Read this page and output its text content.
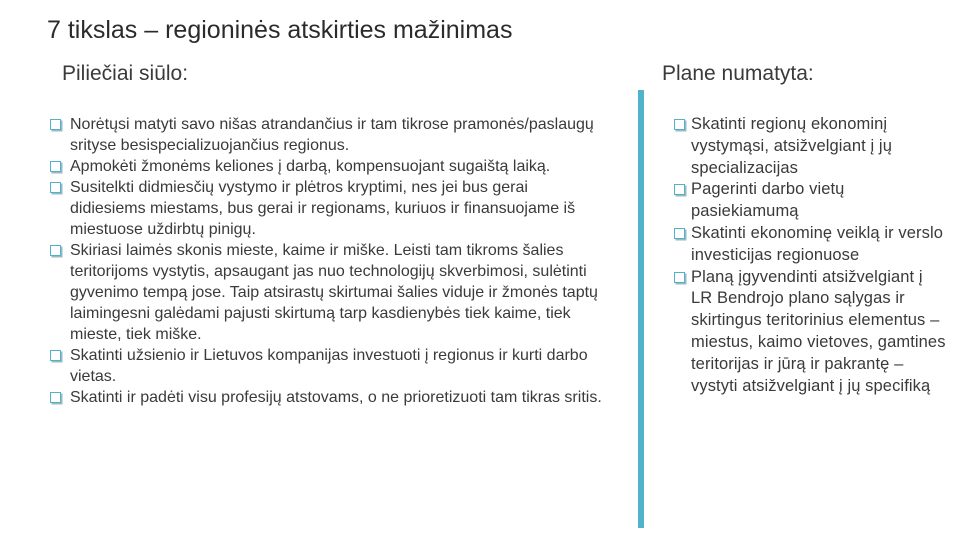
7 tikslas – regioninės atskirties mažinimas
Piliečiai siūlo:	Plane numatyta:
Norėtųsi matyti savo nišas atrandančius ir tam tikrose pramonės/paslaugų srityse besispecializuojančius regionus.
Apmokėti žmonėms keliones į darbą, kompensuojant sugaištą laiką.
Susitelkti didmiesčių vystymo ir plėtros kryptimi, nes jei bus gerai didiesiems miestams, bus gerai ir regionams, kuriuos ir finansuojame iš miestuose uždirbtų pinigų.
Skiriasi laimės skonis mieste, kaime ir miške. Leisti tam tikroms šalies teritorijoms vystytis, apsaugant jas nuo technologijų skverbimosi, sulėtinti gyvenimo tempą jose. Taip atsirastų skirtumai šalies viduje ir žmonės taptų laimingesni galėdami pajusti skirtumą tarp kasdienybės tiek kaime, tiek mieste, tiek miške.
Skatinti užsienio ir Lietuvos kompanijas investuoti į regionus ir kurti darbo vietas.
Skatinti ir padėti visu profesijų atstovams, o ne prioretizuoti tam tikras sritis.
Skatinti regionų ekonominį vystymąsi, atsižvelgiant į jų specializacijas
Pagerinti darbo vietų pasiekiamumą
Skatinti ekonominę veiklą ir verslo investicijas regionuose
Planą įgyvendinti atsižvelgiant į LR Bendrojo plano sąlygas ir skirtingus teritorinius elementus – miestus, kaimo vietoves, gamtines teritorijas ir jūrą ir pakrantę – vystyti atsižvelgiant į jų specifiką
